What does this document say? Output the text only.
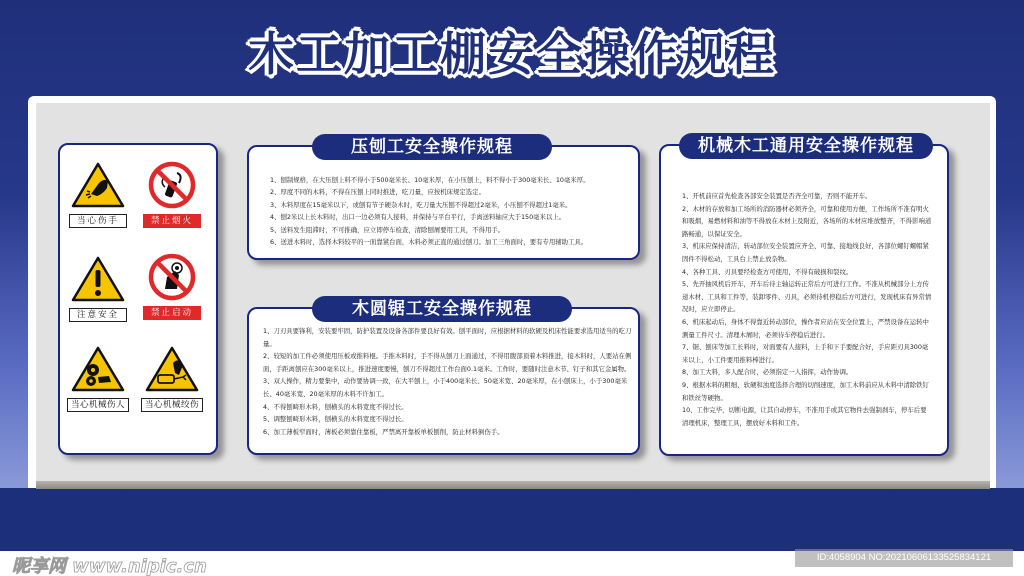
木工加工棚安全操作规程
当心伤手	禁止烟火
注意安全	禁止启动
当心机械伤人	当心机械绞伤
压刨工安全操作规程

1、刨制规格，在大压刨上料不得小于500毫米长、10毫米厚，在小压刨上，料不得小于300毫米长、10毫米厚。

2、厚度不同的木料，不得在压刨上同时推进，吃刀量，应按机床规定选定。

3、木料厚度在15毫米以下，或刨有节子硬杂木时，吃刀量大压刨不得超过2毫米，小压刨不得超过1毫米。

4、刨2米以上长木料时，出口一边必须有人接料，并保持与平台平行，手离送料轴应大于150毫米以上。

5、送料发生阻滞时，不可推确，应立即停车检查，清除刨屑要用工具，不得用手。

6、送进木料时，选择木料较平的一面靠紧台面，木料必须正直的通过刨刀。加工三角面时，要有专用辅助工具。

木圆锯工安全操作规程

1、刀刃具要锋利，安装要牢固，防护装置及设备各部件要良好有效。刨平面时，应根据材料的软硬及机床性能要求选用适当的吃刀量。

2、较短的加工件必须使用压板或推料棍。手推木料时，手不得从刨刀上面通过，不得用腹部顶着木料推进，接木料时，人要站在侧面，手距离刨应在300毫米以上，推进速度要慢，刨刀不得超过工作台面0.1毫米。工作时，要随时注意木节、钉子和其它金属物。

3、双人操作，精力要集中，动作要协调一致，在大平刨上，小于400毫米长、50毫米宽、20毫米厚，在小刨床上，小于300毫米长、40毫米宽、20毫米厚的木料不许加工。

4、不得刨畸形木料，刨横头的木料宽度不得过长。

5、调整刨畸形木料，刨横头的木料宽度不得过长。

6、加工薄板窄面时，薄板必须靠住靠板，严禁离开靠板单板刨削，防止材料倒伤手。

机械木工通用安全操作规程

1、开机前应首先检查各部安全装置是否齐全可靠，否则不能开车。

2、木材的存放和加工场所的消防器材必须齐全，可靠和使用方便，工作场所不准有明火和吸烟，易燃材料和油等不得放在木材上及附近，各场所的木材应堆放整齐，不得影响道路畅通，以保证安全。

3、机床应保持清洁，转动部位安全装置应齐全、可靠、接地线良好，各部位螺钉螺帽紧固件不得松动，工具台上禁止放杂物。

4、各种工具、刃具要经检查方可使用，不得有破损和裂纹。

5、先开抽风机后开车，开车后待主轴运转正常后方可进行工作。不准从机械部分上方传递木材、工具和工件等，装卸零件、刃具，必须待机停稳后方可进行，发现机床有异常情况时，应立即停止。

6、机床起动后，身体不得靠近转动部位，操作者应站在安全位置上，严禁设备在运转中测量工件尺寸。清理木屑时，必须待车停稳后进行。

7、锯、刨床等加工长料时，对面要有人接料，上手和下手要配合好，手应距刃具300毫米以上，小工件要用推料棒进行。

8、加工大料，多人配合时，必须指定一人指挥，动作协调。

9、根据木料的粗细、软硬和浊度选择合理的切削速度，加工木料前应从木料中清除铁钉和铁丝等硬物。

10、工作完毕，切断电源，让其自动停车，不准用手或其它物件去强制刹车，停车后要清理机床，整理工具，摆放好木料和工件。

昵享网 www.nipic.cn	ID:4058904 NO:20210606133525834121
